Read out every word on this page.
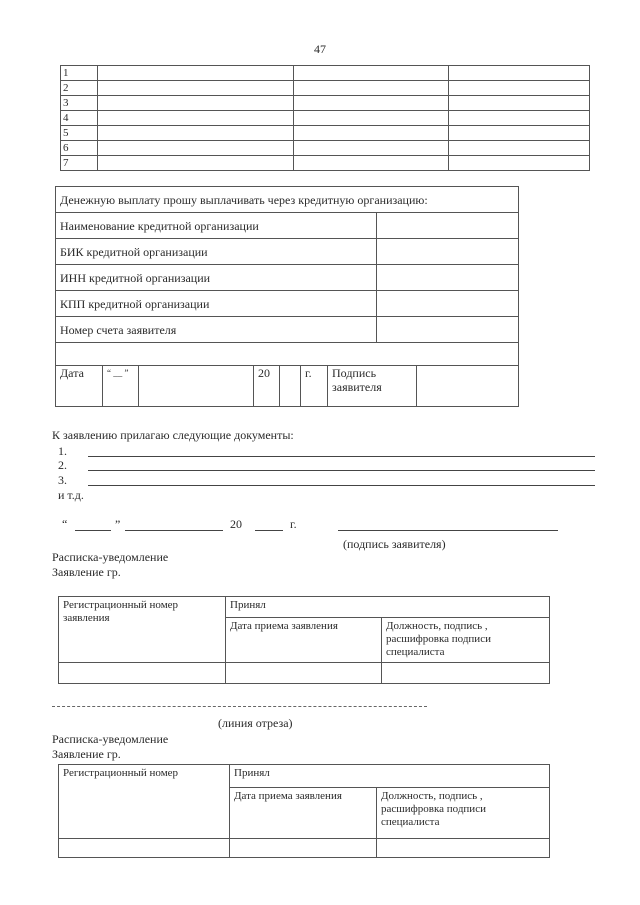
47
1			
2			
3			
4			
5			
6			
7			
Денежную выплату прошу выплачивать через кредитную организацию:
Наименование кредитной организации	
БИК кредитной организации	
ИНН кредитной организации	
КПП кредитной организации	
Номер счета заявителя	

Дата	“ __ ”		20		г.	Подпись заявителя	
К заявлению прилагаю следующие документы:
1.
2.
3.
и т.д.
“	”	20	г.
(подпись заявителя)
Расписка-уведомление
Заявление гр.
Регистрационный номер заявления	Принял	
	Дата приема заявления	Должность, подпись , расшифровка подписи специалиста

(линия отреза)
Расписка-уведомление
Заявление гр.
Регистрационный номер	Принял	
	Дата приема заявления	Должность, подпись , расшифровка подписи специалиста
